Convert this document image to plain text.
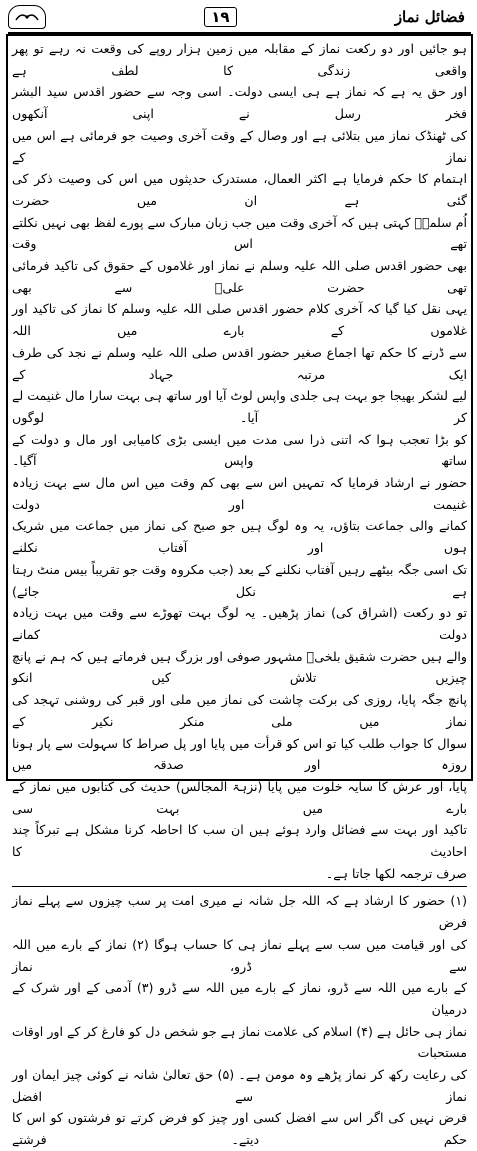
١٩	فضائل نماز

ہو جائیں اور دو رکعت نماز کے مقابلہ میں زمین ہزار روپے کی وقعت نہ رہے تو پھر واقعی زندگی کا لطف ہے

اور حق یہ ہے کہ نماز ہے ہی ایسی دولت۔ اسی وجہ سے حضور اقدس سید البشر فخر رسل نے اپنی آنکھوں

کی ٹھنڈک نماز میں بتلائی ہے اور وصال کے وقت آخری وصیت جو فرمائی ہے اس میں نماز کے

اہتمام کا حکم فرمایا ہے اکثر العمال، مستدرک حدیثوں میں اس کی وصیت ذکر کی گئی ہے ان میں حضرت

اُم سلمہؓ کہتی ہیں کہ آخری وقت میں جب زبان مبارک سے پورے لفظ بھی نہیں نکلتے تھے اس وقت

بھی حضور اقدس صلی اللہ علیہ وسلم نے نماز اور غلاموں کے حقوق کی تاکید فرمائی تھی حضرت علیؓ سے بھی

یہی نقل کیا گیا کہ آخری کلام حضور اقدس صلی اللہ علیہ وسلم کا نماز کی تاکید اور غلاموں کے بارے میں اللہ

سے ڈرنے کا حکم تھا اجماع صغیر حضور اقدس صلی اللہ علیہ وسلم نے نجد کی طرف ایک مرتبہ جہاد کے

لیے لشکر بھیجا جو بہت ہی جلدی واپس لوٹ آیا اور ساتھ ہی بہت سارا مال غنیمت لے کر آیا۔ لوگوں

کو بڑا تعجب ہوا کہ اتنی ذرا سی مدت میں ایسی بڑی کامیابی اور مال و دولت کے ساتھ واپس آگیا۔

حضور نے ارشاد فرمایا کہ تمہیں اس سے بھی کم وقت میں اس مال سے بہت زیادہ غنیمت اور دولت

کمانے والی جماعت بتاؤں، یہ وہ لوگ ہیں جو صبح کی نماز میں جماعت میں شریک ہوں اور آفتاب نکلنے

تک اسی جگہ بیٹھے رہیں آفتاب نکلنے کے بعد (جب مکروہ وقت جو تقریباً بیس منٹ رہتا ہے نکل جائے)

تو دو رکعت (اشراق کی) نماز پڑھیں۔ یہ لوگ بہت تھوڑے سے وقت میں بہت زیادہ دولت کمانے

والے ہیں حضرت شقیق بلخیؒ مشہور صوفی اور بزرگ ہیں فرماتے ہیں کہ ہم نے پانچ چیزیں تلاش کیں انکو

پانچ جگہ پایا، روزی کی برکت چاشت کی نماز میں ملی اور قبر کی روشنی تہجد کی نماز میں ملی منکر نکیر کے

سوال کا جواب طلب کیا تو اس کو قرأت میں پایا اور پل صراط کا سہولت سے پار ہونا روزہ اور صدقہ میں

پایا، اور عرش کا سایہ خلوت میں پایا (نزہۃ المجالس) حدیث کی کتابوں میں نماز کے بارے میں بہت سی

تاکید اور بہت سے فضائل وارد ہوئے ہیں ان سب کا احاطہ کرنا مشکل ہے تبرکاً چند احادیث کا

صرف ترجمہ لکھا جاتا ہے۔

(۱) حضور کا ارشاد ہے کہ اللہ جل شانہ نے میری امت پر سب چیزوں سے پہلے نماز فرض

کی اور قیامت میں سب سے پہلے نماز ہی کا حساب ہوگا (۲) نماز کے بارے میں اللہ سے ڈرو، نماز

کے بارے میں اللہ سے ڈرو، نماز کے بارے میں اللہ سے ڈرو (۳) آدمی کے اور شرک کے درمیان

نماز ہی حائل ہے (۴) اسلام کی علامت نماز ہے جو شخص دل کو فارغ کر کے اور اوقات مستحبات

کی رعایت رکھ کر نماز پڑھے وہ مومن ہے۔ (۵) حق تعالیٰ شانہ نے کوئی چیز ایمان اور نماز سے افضل

فرض نہیں کی اگر اس سے افضل کسی اور چیز کو فرض کرتے تو فرشتوں کو اس کا حکم دیتے۔ فرشتے
